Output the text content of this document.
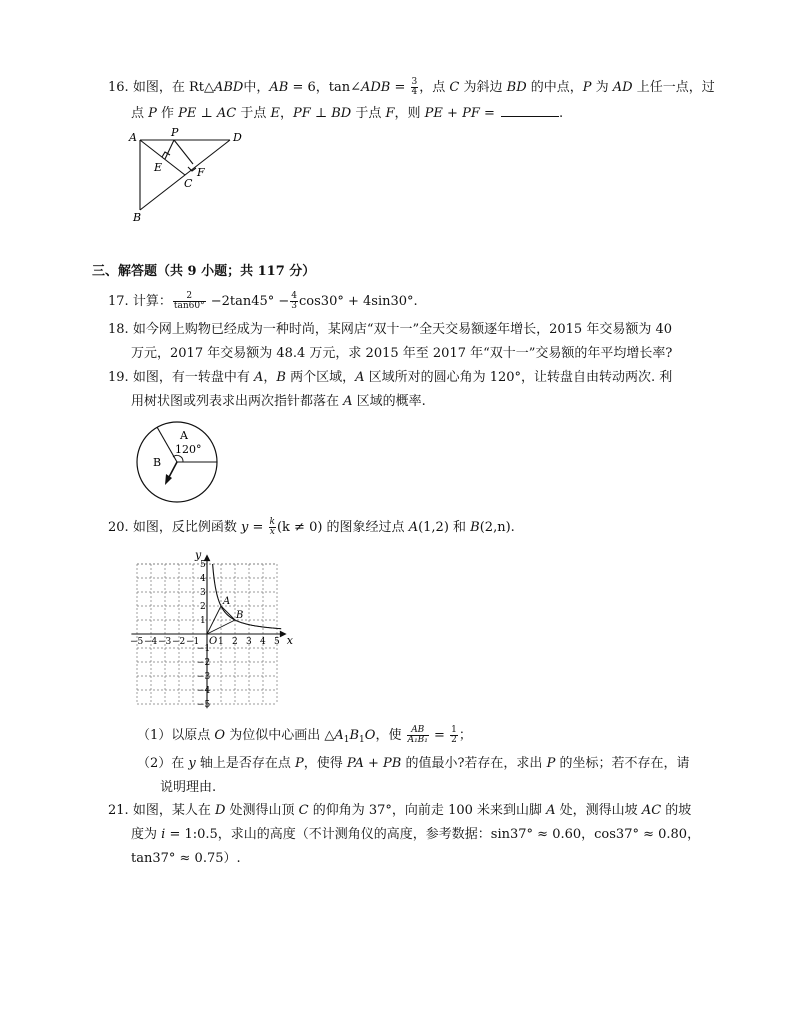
16. 如图，在 Rt△ABD中，AB = 6，tan∠ADB = $\frac{3}{4}$ ，点 C 为斜边 BD 的中点，P 为 AD 上任一点，过
点 P 作 PE ⊥ AC 于点 E，PF ⊥ BD 于点 F，则 PE + PF =	.
A	P	D
E	F
C
B
三、解答题（共 9 小题；共 117 分）
17. 计算： $\frac{2}{\tan 60^\circ} -2\tan 45^\circ - \frac{4}{3} \cos 30^\circ + 4\sin 30^\circ$.
18. 如今网上购物已经成为一种时尚，某网店“双十一”全天交易额逐年增长，2015 年交易额为 40
万元，2017 年交易额为 48.4 万元，求 2015 年至 2017 年“双十一”交易额的年平均增长率?
19. 如图，有一转盘中有 A，B 两个区域，A 区域所对的圆心角为 120°，让转盘自由转动两次. 利
用树状图或列表求出两次指针都落在 A 区域的概率.
A
120°
B
20. 如图，反比例函数 $y = \frac{k}{x} (k \ne 0)$ 的图象经过点 A(1,2) 和 B(2,n).
−5 −4 −3 −2 −1 1 2 3 4 5
5
4
3
2
1
−1
−2
−3
−4
−5
y
x
O
A
B
（1）以原点 O 为位似中心画出 $\triangle A_1B_1O$，使 $\frac{AB}{\text{A₁B₁}} = \frac{1}{2}$ ；
（2）在 y 轴上是否存在点 P，使得 PA + PB 的值最小?若存在，求出 P 的坐标；若不存在，请
说明理由.
21. 如图，某人在 D 处测得山顶 C 的仰角为 37°，向前走 100 米来到山脚 A 处，测得山坡 AC 的坡
度为 i = 1:0.5，求山的高度（不计测角仪的高度，参考数据：sin37° ≈ 0.60，cos37° ≈ 0.80，
tan37° ≈ 0.75）.
